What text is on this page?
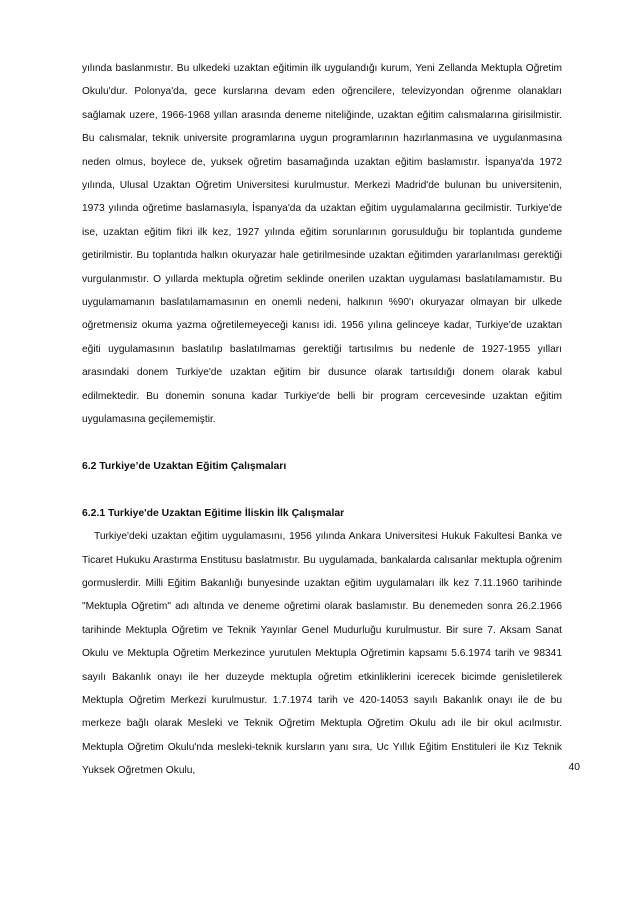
yılında baslanmıstır. Bu ulkedeki uzaktan eğitimin ilk uygulandığı kurum, Yeni Zellanda Mektupla Oğretim Okulu'dur. Polonya'da, gece kurslarına devam eden oğrencilere, televizyondan oğrenme olanakları sağlamak uzere, 1966-1968 yıllan arasında deneme niteliğinde, uzaktan eğitim calısmalarına girisilmistir. Bu calısmalar, teknik universite programlarına uygun programlarının hazırlanmasına ve uygulanmasına neden olmus, boylece de, yuksek oğretim basamağında uzaktan eğitim baslamıstır. İspanya'da 1972 yılında, Ulusal Uzaktan Oğretim Universitesi kurulmustur. Merkezi Madrid'de bulunan bu universitenin, 1973 yılında oğretime baslamasıyla, İspanya'da da uzaktan eğitim uygulamalarına gecilmistir. Turkiye'de ise, uzaktan eğitim fikri ilk kez, 1927 yılında eğitim sorunlarının gorusulduğu bir toplantıda gundeme getirilmistir. Bu toplantıda halkın okuryazar hale getirilmesinde uzaktan eğitimden yararlanılması gerektiği vurgulanmıstır. O yıllarda mektupla oğretim seklinde onerilen uzaktan uygulaması baslatılamamıstır. Bu uygulamamanın baslatılamamasının en onemli nedeni, halkının %90'ı okuryazar olmayan bir ulkede oğretmensiz okuma yazma oğretilemeyeceği kanısı idi. 1956 yılına gelinceye kadar, Turkiye'de uzaktan eğiti uygulamasının baslatılıp baslatılmamas gerektiği tartısılmıs bu nedenle de 1927-1955 yılları arasındaki donem Turkiye'de uzaktan eğitim bir dusunce olarak tartısıldığı donem olarak kabul edilmektedir. Bu donemin sonuna kadar Turkiye'de belli bir program cercevesinde uzaktan eğitim uygulamasına geçilememiştir.

6.2 Turkiye’de Uzaktan Eğitim Çalışmaları
6.2.1 Turkiye'de Uzaktan Eğitime İliskin İlk Çalışmalar

Turkiye'deki uzaktan eğitim uygulamasını, 1956 yılında Ankara Universitesi Hukuk Fakultesi Banka ve Ticaret Hukuku Arastırma Enstitusu baslatmıstır. Bu uygulamada, bankalarda calısanlar mektupla oğrenim gormuslerdir. Milli Eğitim Bakanlığı bunyesinde uzaktan eğitim uygulamaları ilk kez 7.11.1960 tarihinde "Mektupla Oğretim" adı altında ve deneme oğretimi olarak baslamıstır. Bu denemeden sonra 26.2.1966 tarihinde Mektupla Oğretim ve Teknik Yayınlar Genel Mudurluğu kurulmustur. Bir sure 7. Aksam Sanat Okulu ve Mektupla Oğretim Merkezince yurutulen Mektupla Oğretimin kapsamı 5.6.1974 tarih ve 98341 sayılı Bakanlık onayı ile her duzeyde mektupla oğretim etkinliklerini icerecek bicimde genisletilerek Mektupla Oğretim Merkezi kurulmustur. 1.7.1974 tarih ve 420-14053 sayılı Bakanlık onayı ile de bu merkeze bağlı olarak Mesleki ve Teknik Oğretim Mektupla Oğretim Okulu adı ile bir okul acılmıstır. Mektupla Oğretim Okulu'nda mesleki-teknik kursların yanı sıra, Uc Yıllık Eğitim Enstituleri ile Kız Teknik Yuksek Oğretmen Okulu,	40
